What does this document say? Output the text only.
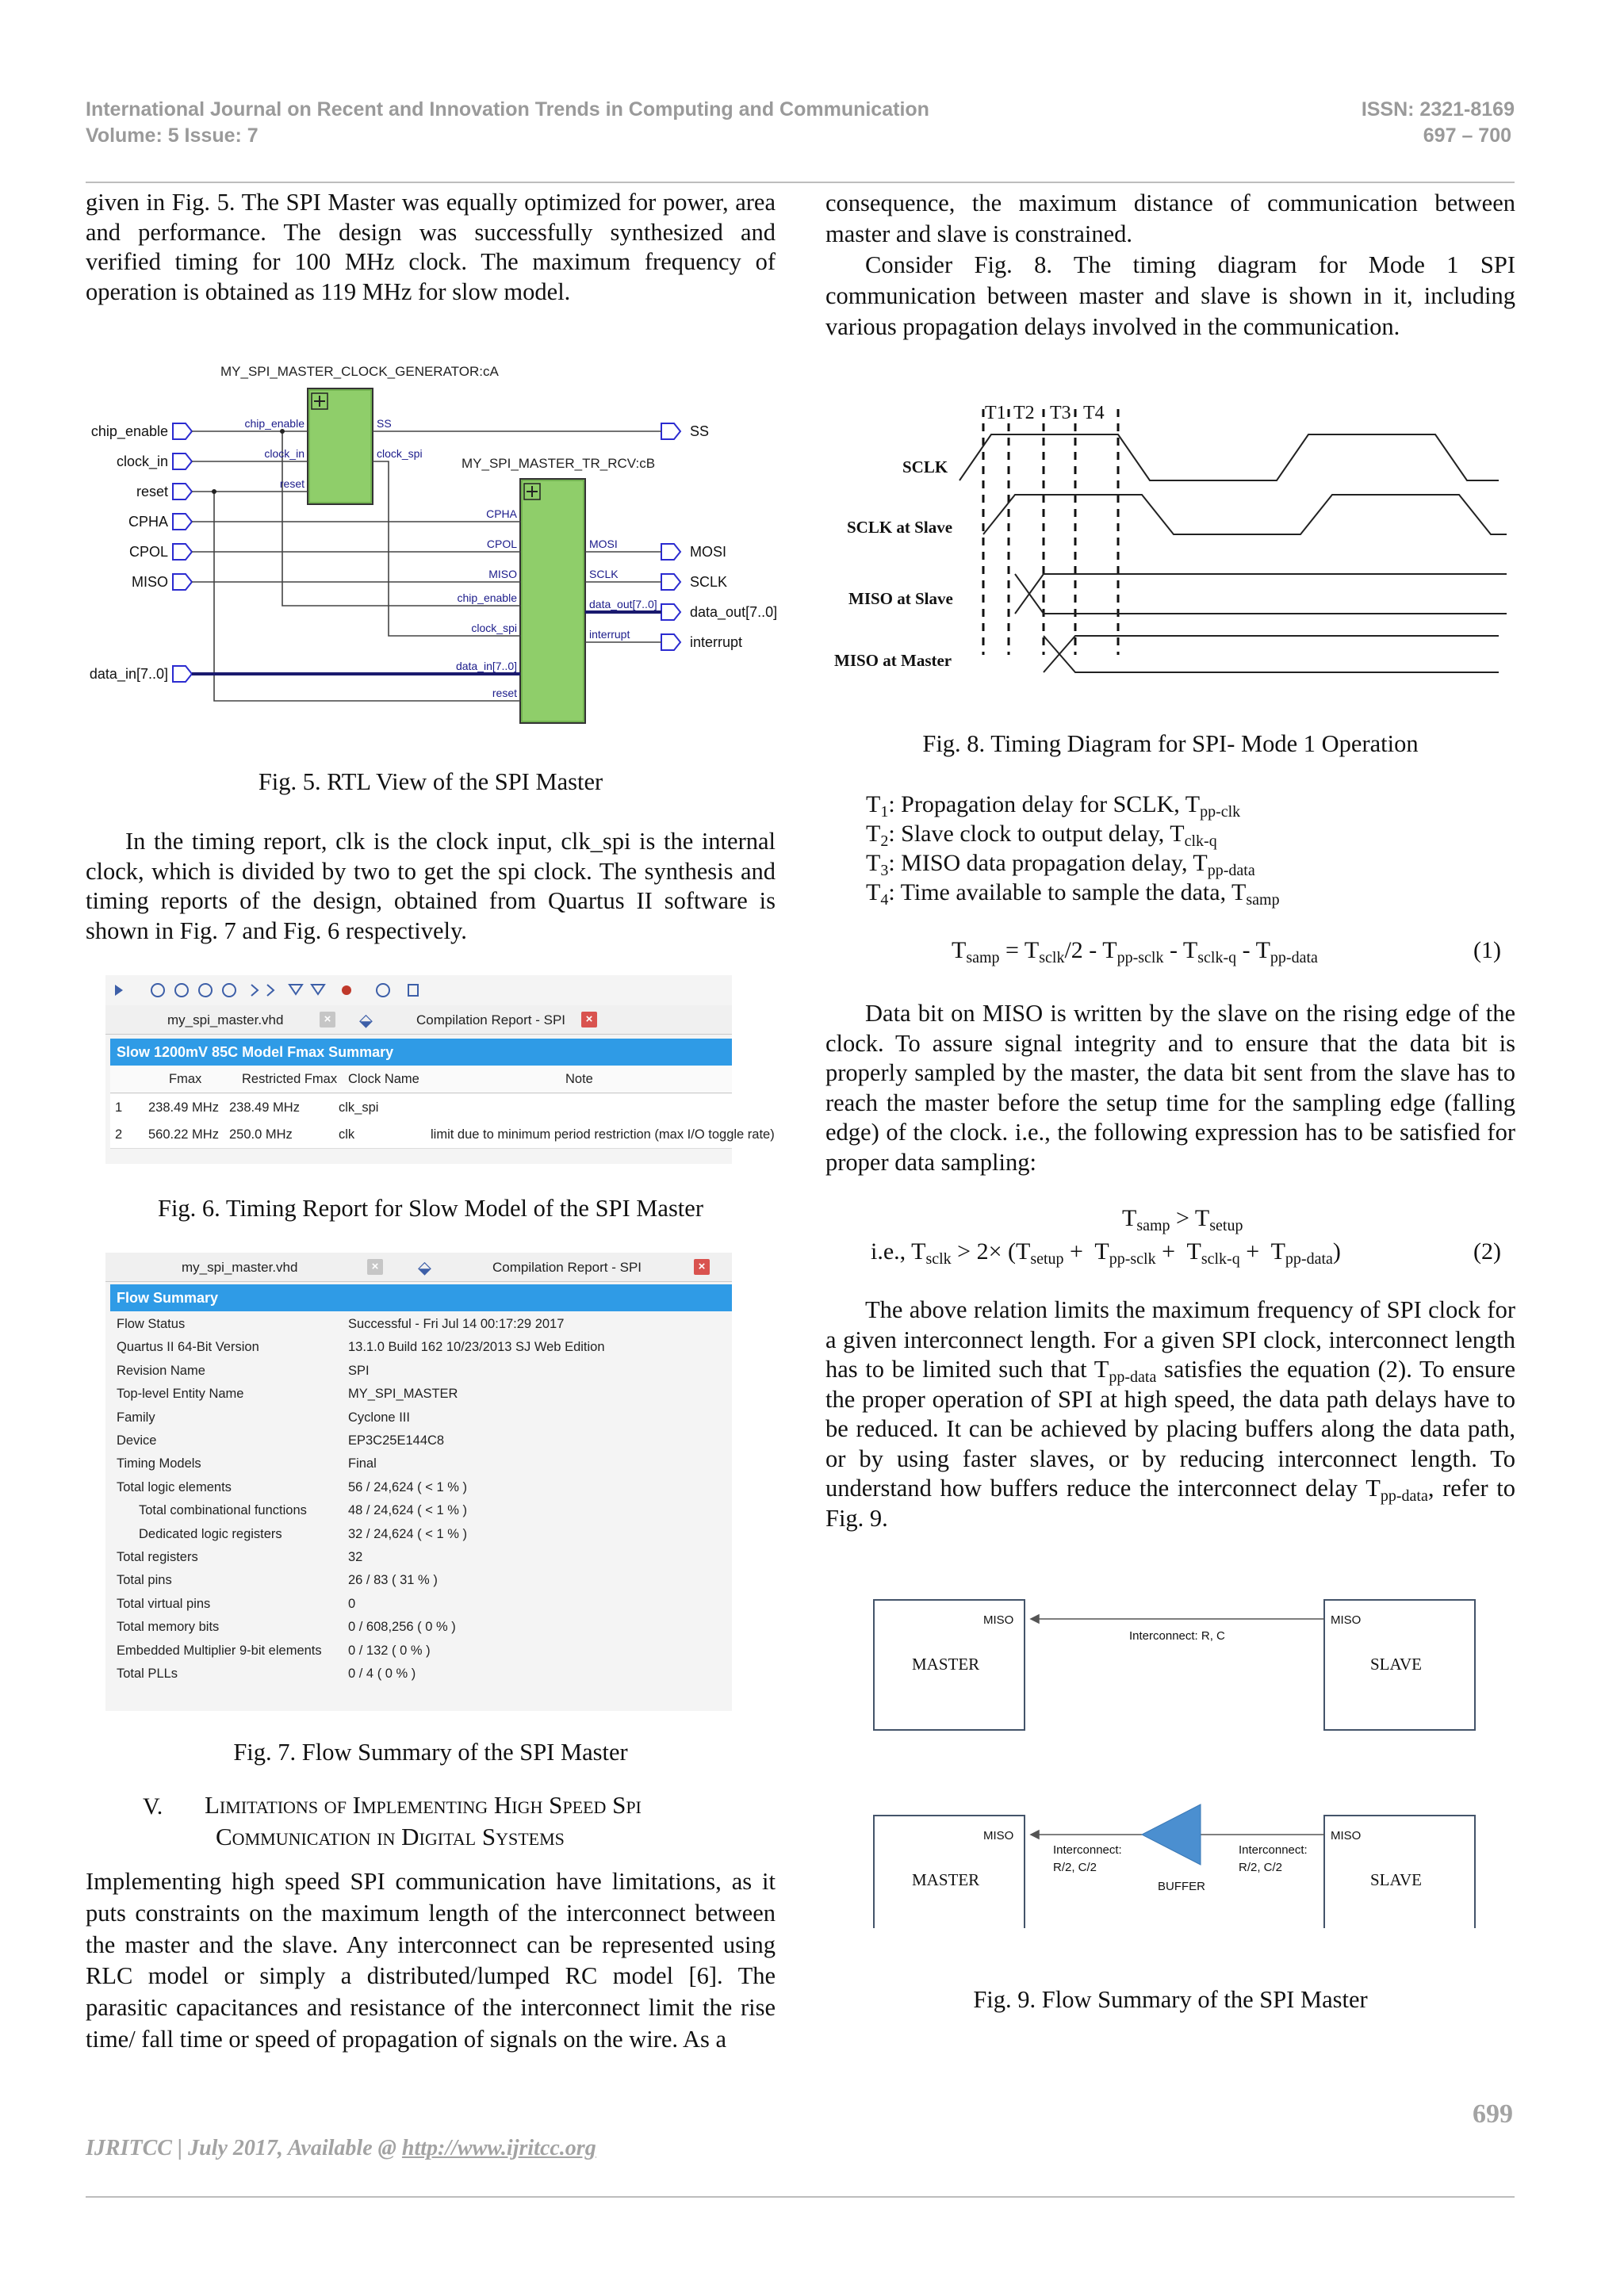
International Journal on Recent and Innovation Trends in Computing and Communication
Volume: 5 Issue: 7
ISSN: 2321-8169
697 – 700

given in Fig. 5. The SPI Master was equally optimized for power, area and performance. The design was successfully synthesized and verified timing for 100 MHz clock. The maximum frequency of operation is obtained as 119 MHz for slow model.

MY_SPI_MASTER_CLOCK_GENERATOR:cA
MY_SPI_MASTER_TR_RCV:cB
chip_enable
clock_in
reset
CPHA
CPOL
MISO
data_in[7..0]
SS
MOSI
SCLK
data_out[7..0]
interrupt
chip_enable
clock_in
reset
CPHA
CPOL
MISO
chip_enable
clock_spi
data_in[7..0]
reset
SS
clock_spi
MOSI
SCLK
data_out[7..0]
interrupt
Fig. 5. RTL View of the SPI Master

In the timing report, clk is the clock input, clk_spi is the internal clock, which is divided by two to get the spi clock. The synthesis and timing reports of the design, obtained from Quartus II software is shown in Fig. 7 and Fig. 6 respectively.

my_spi_master.vhd	× ⬙	Compilation Report - SPI	×
Slow 1200mV 85C Model Fmax Summary
Fmax	Restricted Fmax Clock Name	Note
1 238.49 MHz 238.49 MHz	clk_spi
2 560.22 MHz 250.0 MHz	clk	limit due to minimum period restriction (max I/O toggle rate)
Fig. 6. Timing Report for Slow Model of the SPI Master
my_spi_master.vhd	× ⬙	Compilation Report - SPI	×
Flow Summary
Flow Status	Successful - Fri Jul 14 00:17:29 2017
Quartus II 64-Bit Version	13.1.0 Build 162 10/23/2013 SJ Web Edition
Revision Name	SPI
Top-level Entity Name	MY_SPI_MASTER
Family	Cyclone III
Device	EP3C25E144C8
Timing Models	Final
Total logic elements	56 / 24,624 ( < 1 % )
Total combinational functions	48 / 24,624 ( < 1 % )
Dedicated logic registers	32 / 24,624 ( < 1 % )
Total registers	32
Total pins	26 / 83 ( 31 % )
Total virtual pins	0
Total memory bits	0 / 608,256 ( 0 % )
Embedded Multiplier 9-bit elements 0 / 132 ( 0 % )
Total PLLs	0 / 4 ( 0 % )
Fig. 7. Flow Summary of the SPI Master
V. Limitations of Implementing High Speed Spi
Communication in Digital Systems

Implementing high speed SPI communication have limitations, as it puts constraints on the maximum length of the interconnect between the master and the slave. Any interconnect can be represented using RLC model or simply a distributed/lumped RC model [6]. The parasitic capacitances and resistance of the interconnect limit the rise time/ fall time or speed of propagation of signals on the wire. As a

consequence, the maximum distance of communication between master and slave is constrained.

Consider Fig. 8. The timing diagram for Mode 1 SPI communication between master and slave is shown in it, including various propagation delays involved in the communication.

SCLK
SCLK at Slave
MISO at Slave
MISO at Master
T1 T2 T3 T4
Fig. 8. Timing Diagram for SPI- Mode 1 Operation
$T_1$: Propagation delay for SCLK, $T_{pp-clk}$
$T_2$: Slave clock to output delay, $T_{clk-q}$
$T_3$: MISO data propagation delay, $T_{pp-data}$
$T_4$: Time available to sample the data, $T_{samp}$
$T_{samp} = T_{sclk}/2 - T_{pp-sclk} - T_{sclk-q} - T_{pp-data}$	(1)

Data bit on MISO is written by the slave on the rising edge of the clock. To assure signal integrity and to ensure that the data bit is properly sampled by the master, the data bit sent from the slave has to reach the master before the setup time for the sampling edge (falling edge) of the clock. i.e., the following expression has to be satisfied for proper data sampling:

$T_{samp} > T_{setup}$
i.e., $T_{sclk} > 2\times (T_{setup} + T_{pp-sclk} + T_{sclk-q} + T_{pp-data})$	(2)

The above relation limits the maximum frequency of SPI clock for a given interconnect length. For a given SPI clock, interconnect length has to be limited such that $T_{pp-data}$ satisfies the equation (2). To ensure the proper operation of SPI at high speed, the data path delays have to be reduced. It can be achieved by placing buffers along the data path, or by using faster slaves, or by reducing interconnect length. To understand how buffers reduce the interconnect delay $T_{pp-data}$, refer to Fig. 9.

MASTER	SLAVE
MASTER	SLAVE
MISO	MISO
Interconnect: R, C
MISO	MISO
Interconnect:
R/2, C/2
Interconnect:
R/2, C/2
BUFFER
Fig. 9. Flow Summary of the SPI Master
IJRITCC | July 2017, Available @ http://www.ijritcc.org
699
